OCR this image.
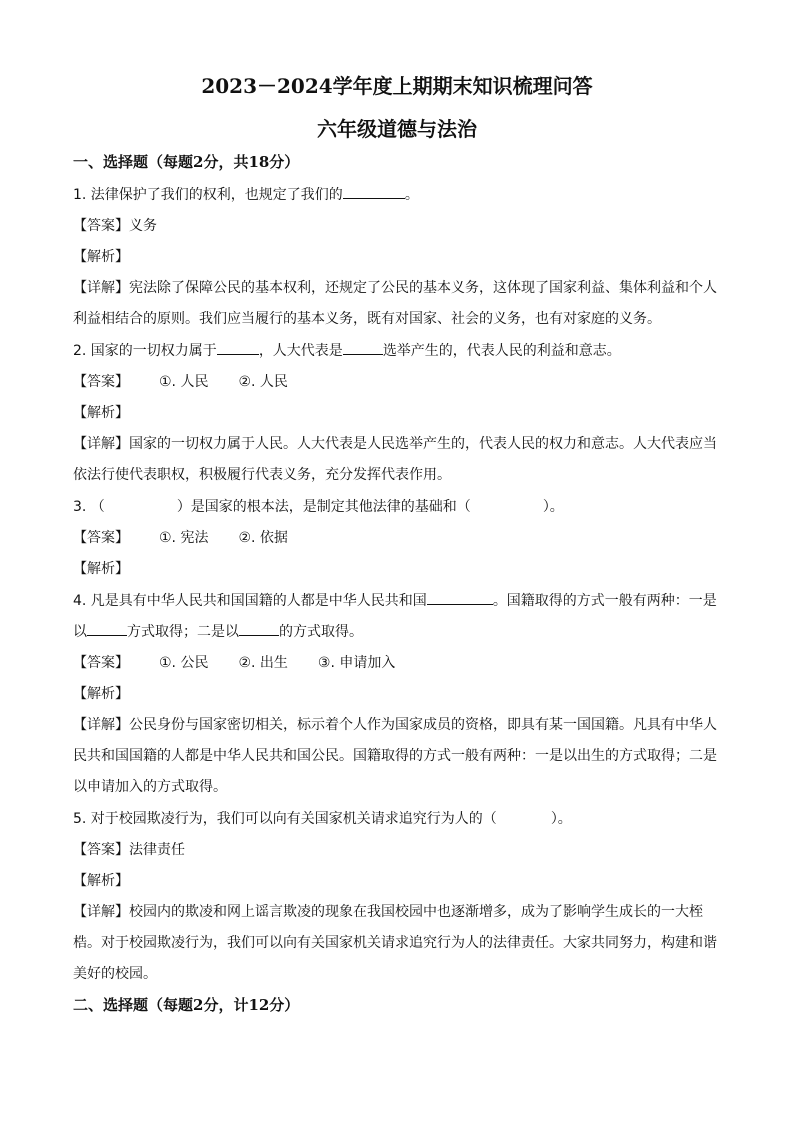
2023－2024学年度上期期末知识梳理问答
六年级道德与法治
一、选择题（每题2分，共18分）
1. 法律保护了我们的权利，也规定了我们的	。
【答案】义务
【解析】
【详解】宪法除了保障公民的基本权利，还规定了公民的基本义务，这体现了国家利益、集体利益和个人
利益相结合的原则。我们应当履行的基本义务，既有对国家、社会的义务，也有对家庭的义务。
2. 国家的一切权力属于	，人大代表是	选举产生的，代表人民的利益和意志。
【答案】 ①. 人民 ②. 人民
【解析】
【详解】国家的一切权力属于人民。人大代表是人民选举产生的，代表人民的权力和意志。人大代表应当
依法行使代表职权，积极履行代表义务，充分发挥代表作用。
3. （	）是国家的根本法，是制定其他法律的基础和（	）。
【答案】 ①. 宪法 ②. 依据
【解析】
4. 凡是具有中华人民共和国国籍的人都是中华人民共和国	。国籍取得的方式一般有两种：一是
以	方式取得；二是以	的方式取得。
【答案】 ①. 公民 ②. 出生 ③. 申请加入
【解析】
【详解】公民身份与国家密切相关，标示着个人作为国家成员的资格，即具有某一国国籍。凡具有中华人
民共和国国籍的人都是中华人民共和国公民。国籍取得的方式一般有两种：一是以出生的方式取得；二是
以申请加入的方式取得。
5. 对于校园欺凌行为，我们可以向有关国家机关请求追究行为人的（	）。
【答案】法律责任
【解析】
【详解】校园内的欺凌和网上谣言欺凌的现象在我国校园中也逐渐增多，成为了影响学生成长的一大桎
梏。对于校园欺凌行为，我们可以向有关国家机关请求追究行为人的法律责任。大家共同努力，构建和谐
美好的校园。
二、选择题（每题2分，计12分）
